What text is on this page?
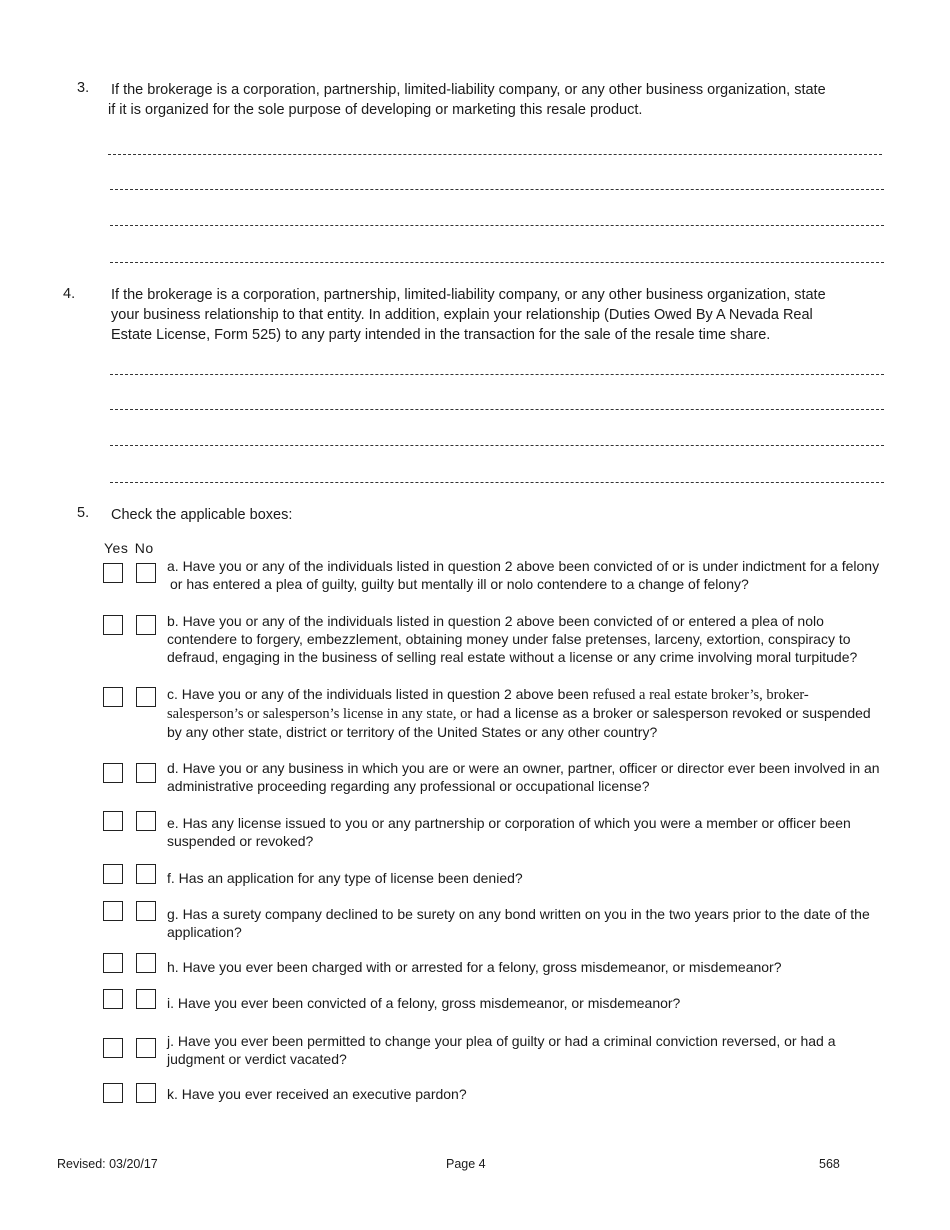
3. If the brokerage is a corporation, partnership, limited-liability company, or any other business organization, state
if it is organized for the sole purpose of developing or marketing this resale product.
4. If the brokerage is a corporation, partnership, limited-liability company, or any other business organization, state
your business relationship to that entity. In addition, explain your relationship (Duties Owed By A Nevada Real
Estate License, Form 525) to any party intended in the transaction for the sale of the resale time share.
5. Check the applicable boxes:
Yes No
a. Have you or any of the individuals listed in question 2 above been convicted of or is under indictment for a felony
or has entered a plea of guilty, guilty but mentally ill or nolo contendere to a change of felony?
b. Have you or any of the individuals listed in question 2 above been convicted of or entered a plea of nolo
contendere to forgery, embezzlement, obtaining money under false pretenses, larceny, extortion, conspiracy to
defraud, engaging in the business of selling real estate without a license or any crime involving moral turpitude?
c. Have you or any of the individuals listed in question 2 above been refused a real estate broker’s, broker-
salesperson’s or salesperson’s license in any state, or had a license as a broker or salesperson revoked or suspended
by any other state, district or territory of the United States or any other country?
d. Have you or any business in which you are or were an owner, partner, officer or director ever been involved in an
administrative proceeding regarding any professional or occupational license?
e. Has any license issued to you or any partnership or corporation of which you were a member or officer been
suspended or revoked?
f. Has an application for any type of license been denied?
g. Has a surety company declined to be surety on any bond written on you in the two years prior to the date of the
application?
h. Have you ever been charged with or arrested for a felony, gross misdemeanor, or misdemeanor?
i. Have you ever been convicted of a felony, gross misdemeanor, or misdemeanor?
j. Have you ever been permitted to change your plea of guilty or had a criminal conviction reversed, or had a
judgment or verdict vacated?
k. Have you ever received an executive pardon?
Revised: 03/20/17	Page 4	568
